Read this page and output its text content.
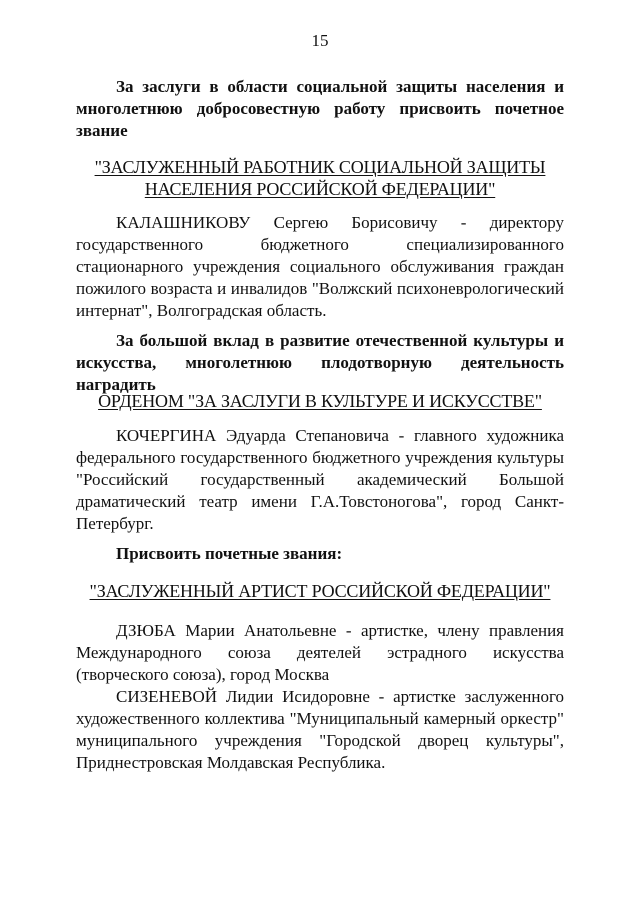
15

За заслуги в области социальной защиты населения и многолетнюю добросовестную работу присвоить почетное звание

"ЗАСЛУЖЕННЫЙ РАБОТНИК СОЦИАЛЬНОЙ ЗАЩИТЫ НАСЕЛЕНИЯ РОССИЙСКОЙ ФЕДЕРАЦИИ"

КАЛАШНИКОВУ Сергею Борисовичу - директору государственного бюджетного специализированного стационарного учреждения социального обслуживания граждан пожилого возраста и инвалидов "Волжский психоневрологический интернат", Волгоградская область.

За большой вклад в развитие отечественной культуры и искусства, многолетнюю плодотворную деятельность наградить

ОРДЕНОМ "ЗА ЗАСЛУГИ В КУЛЬТУРЕ И ИСКУССТВЕ"

КОЧЕРГИНА Эдуарда Степановича - главного художника федерального государственного бюджетного учреждения культуры "Российский государственный академический Большой драматический театр имени Г.А.Товстоногова", город Санкт-Петербург.

Присвоить почетные звания:

"ЗАСЛУЖЕННЫЙ АРТИСТ РОССИЙСКОЙ ФЕДЕРАЦИИ"

ДЗЮБА Марии Анатольевне - артистке, члену правления Международного союза деятелей эстрадного искусства (творческого союза), город Москва

СИЗЕНЕВОЙ Лидии Исидоровне - артистке заслуженного художественного коллектива "Муниципальный камерный оркестр" муниципального учреждения "Городской дворец культуры", Приднестровская Молдавская Республика.
